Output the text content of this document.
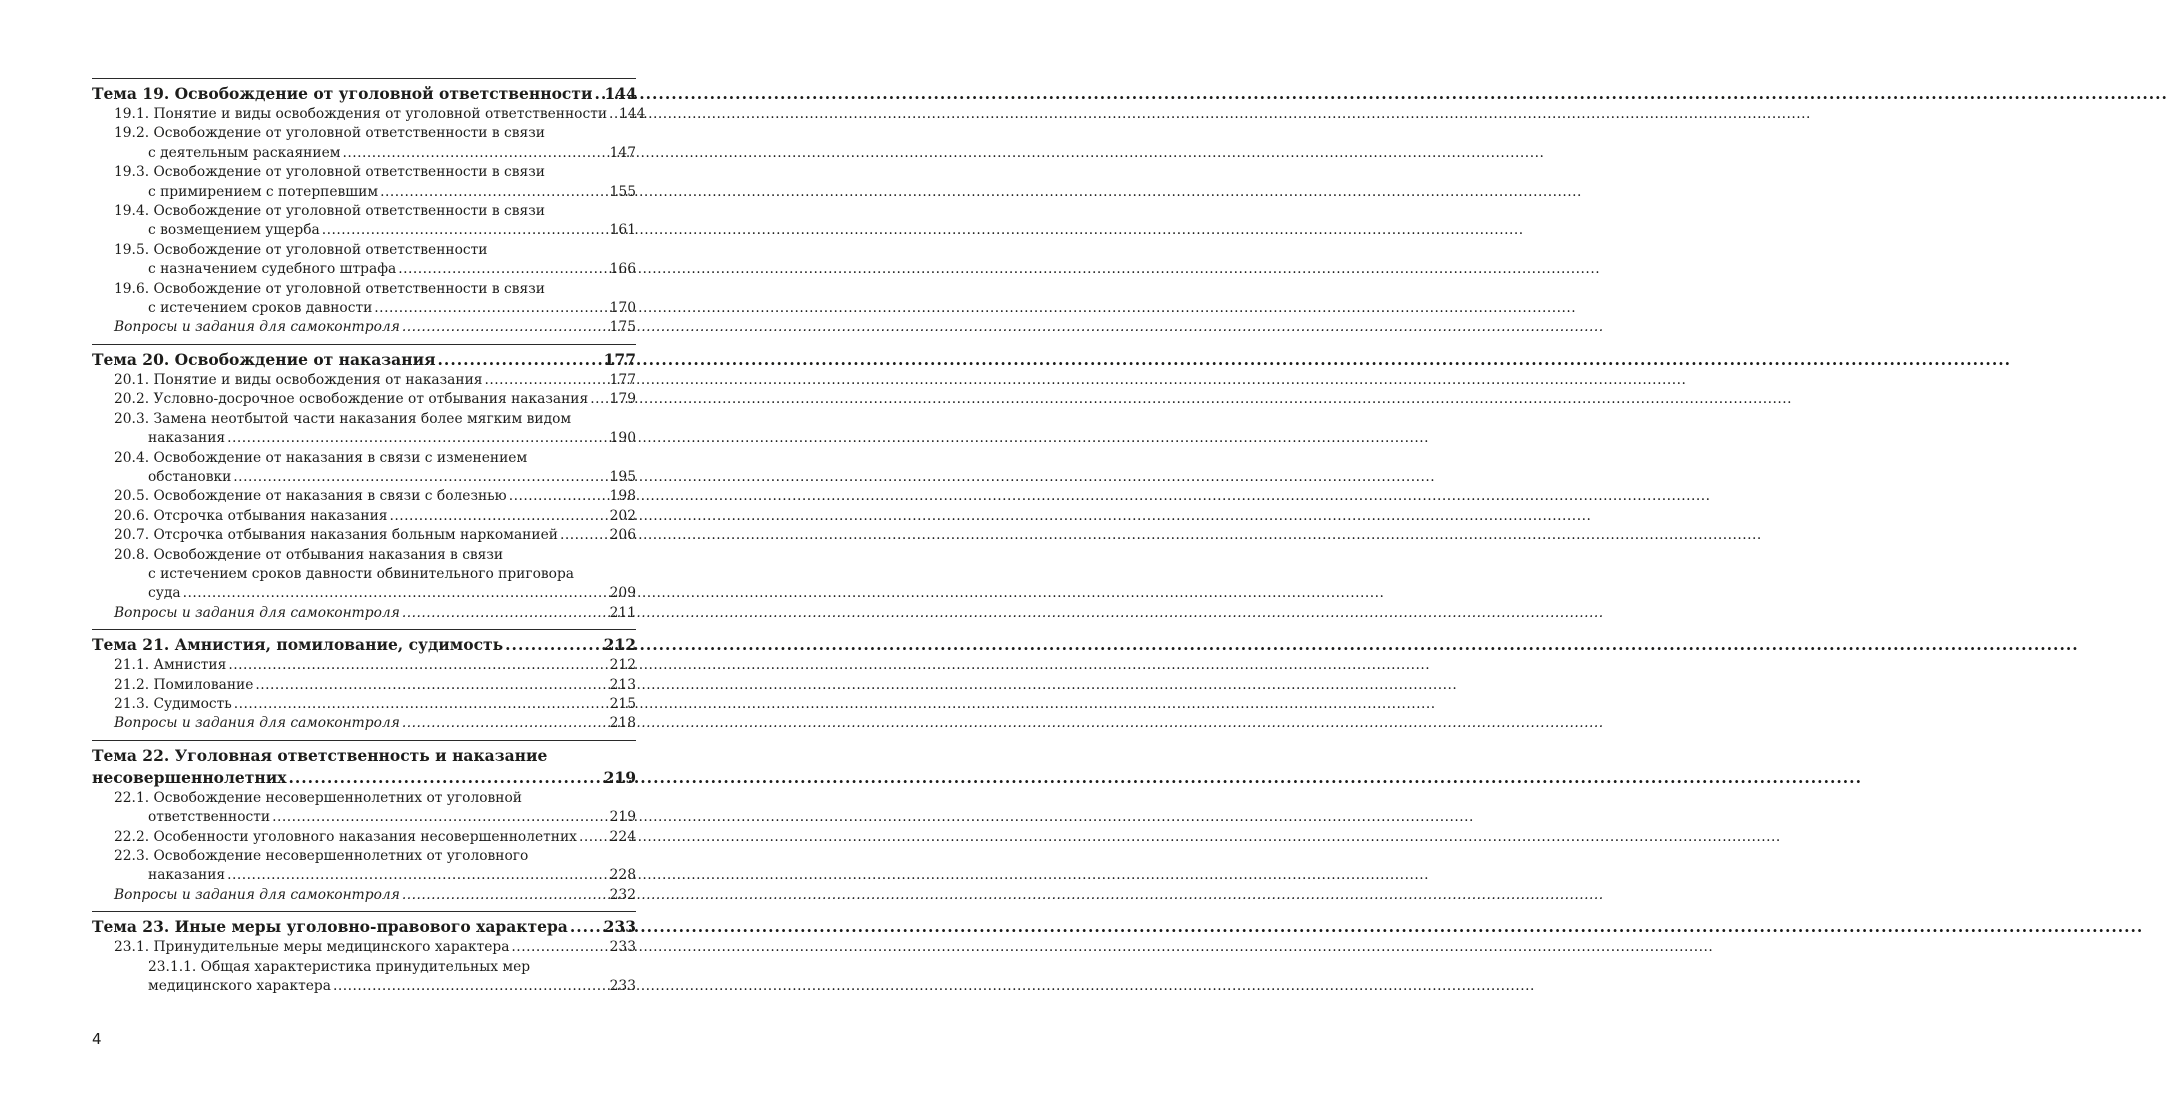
Тема 19. Освобождение от уголовной ответственности ..... 144
19.1. Понятие и виды освобождения от уголовной ответственности ..... 144
19.2. Освобождение от уголовной ответственности в связи
с деятельным раскаянием .....	147
19.3. Освобождение от уголовной ответственности в связи
с примирением с потерпевшим .....	155
19.4. Освобождение от уголовной ответственности в связи
с возмещением ущерба .....	161
19.5. Освобождение от уголовной ответственности
с назначением судебного штрафа .....	166
19.6. Освобождение от уголовной ответственности в связи
с истечением сроков давности .....	170
Вопросы и задания для самоконтроля .....	175
Тема 20. Освобождение от наказания .....	177
20.1. Понятие и виды освобождения от наказания .....	177
20.2. Условно-досрочное освобождение от отбывания наказания ..... 179
20.3. Замена неотбытой части наказания более мягким видом
наказания .....	190
20.4. Освобождение от наказания в связи с изменением
обстановки .....	195
20.5. Освобождение от наказания в связи с болезнью .....	198
20.6. Отсрочка отбывания наказания .....	202
20.7. Отсрочка отбывания наказания больным наркоманией .....	206
20.8. Освобождение от отбывания наказания в связи
с истечением сроков давности обвинительного приговора
суда .....	209
Вопросы и задания для самоконтроля .....	211
Тема 21. Амнистия, помилование, судимость .....	212
21.1. Амнистия .....	212
21.2. Помилование .....	213
21.3. Судимость .....	215
Вопросы и задания для самоконтроля .....	218
Тема 22. Уголовная ответственность и наказание
несовершеннолетних .....	219
22.1. Освобождение несовершеннолетних от уголовной
ответственности .....	219
22.2. Особенности уголовного наказания несовершеннолетних ..... 224
22.3. Освобождение несовершеннолетних от уголовного
наказания .....	228
Вопросы и задания для самоконтроля .....	232
Тема 23. Иные меры уголовно-правового характера ..... 233
23.1. Принудительные меры медицинского характера .....	233
23.1.1. Общая характеристика принудительных мер
медицинского характера .....	233
4
